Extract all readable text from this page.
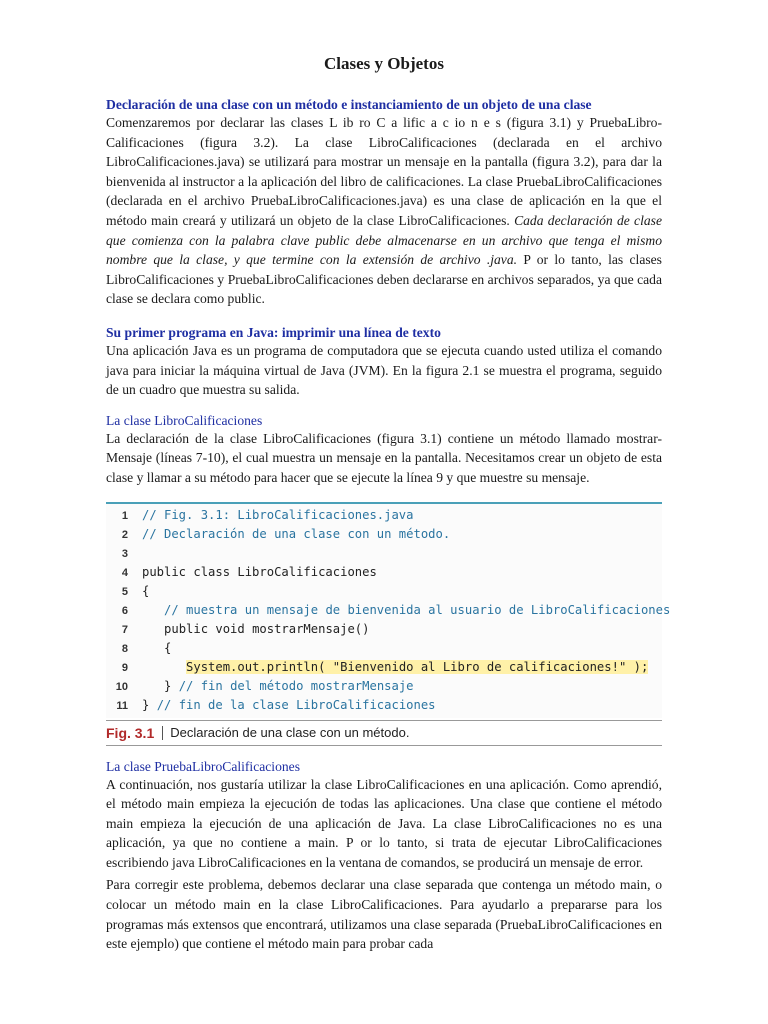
Clases y Objetos
Declaración de una clase con un método e instanciamiento de un objeto de una clase

Comenzaremos por declarar las clases L ib ro C a lific a c io n e s (figura 3.1) y PruebaLibro-Calificaciones (figura 3.2). La clase LibroCalificaciones (declarada en el archivo LibroCalificaciones.java) se utilizará para mostrar un mensaje en la pantalla (figura 3.2), para dar la bienvenida al instructor a la aplicación del libro de calificaciones. La clase PruebaLibroCalificaciones (declarada en el archivo PruebaLibroCalificaciones.java) es una clase de aplicación en la que el método main creará y utilizará un objeto de la clase LibroCalificaciones. Cada declaración de clase que comienza con la palabra clave public debe almacenarse en un archivo que tenga el mismo nombre que la clase, y que termine con la extensión de archivo .java. P or lo tanto, las clases LibroCalificaciones y PruebaLibroCalificaciones deben declararse en archivos separados, ya que cada clase se declara como public.

Su primer programa en Java: imprimir una línea de texto

Una aplicación Java es un programa de computadora que se ejecuta cuando usted utiliza el comando java para iniciar la máquina virtual de Java (JVM). En la figura 2.1 se muestra el programa, seguido de un cuadro que muestra su salida.

La clase LibroCalificaciones

La declaración de la clase LibroCalificaciones (figura 3.1) contiene un método llamado mostrar-Mensaje (líneas 7-10), el cual muestra un mensaje en la pantalla. Necesitamos crear un objeto de esta clase y llamar a su método para hacer que se ejecute la línea 9 y que muestre su mensaje.

1 // Fig. 3.1: LibroCalificaciones.java
2 // Declaración de una clase con un método.
3
4 public class LibroCalificaciones
5 {
6	// muestra un mensaje de bienvenida al usuario de LibroCalificaciones
7	public void mostrarMensaje()
8	{
9	System.out.println( "Bienvenido al Libro de calificaciones!" );
10	} // fin del método mostrarMensaje
11 } // fin de la clase LibroCalificaciones
Fig. 3.1 Declaración de una clase con un método.
La clase PruebaLibroCalificaciones

A continuación, nos gustaría utilizar la clase LibroCalificaciones en una aplicación. Como aprendió, el método main empieza la ejecución de todas las aplicaciones. Una clase que contiene el método main empieza la ejecución de una aplicación de Java. La clase LibroCalificaciones no es una aplicación, ya que no contiene a main. P or lo tanto, si trata de ejecutar LibroCalificaciones escribiendo java LibroCalificaciones en la ventana de comandos, se producirá un mensaje de error.

Para corregir este problema, debemos declarar una clase separada que contenga un método main, o colocar un método main en la clase LibroCalificaciones. Para ayudarlo a prepararse para los programas más extensos que encontrará, utilizamos una clase separada (PruebaLibroCalificaciones en este ejemplo) que contiene el método main para probar cada
